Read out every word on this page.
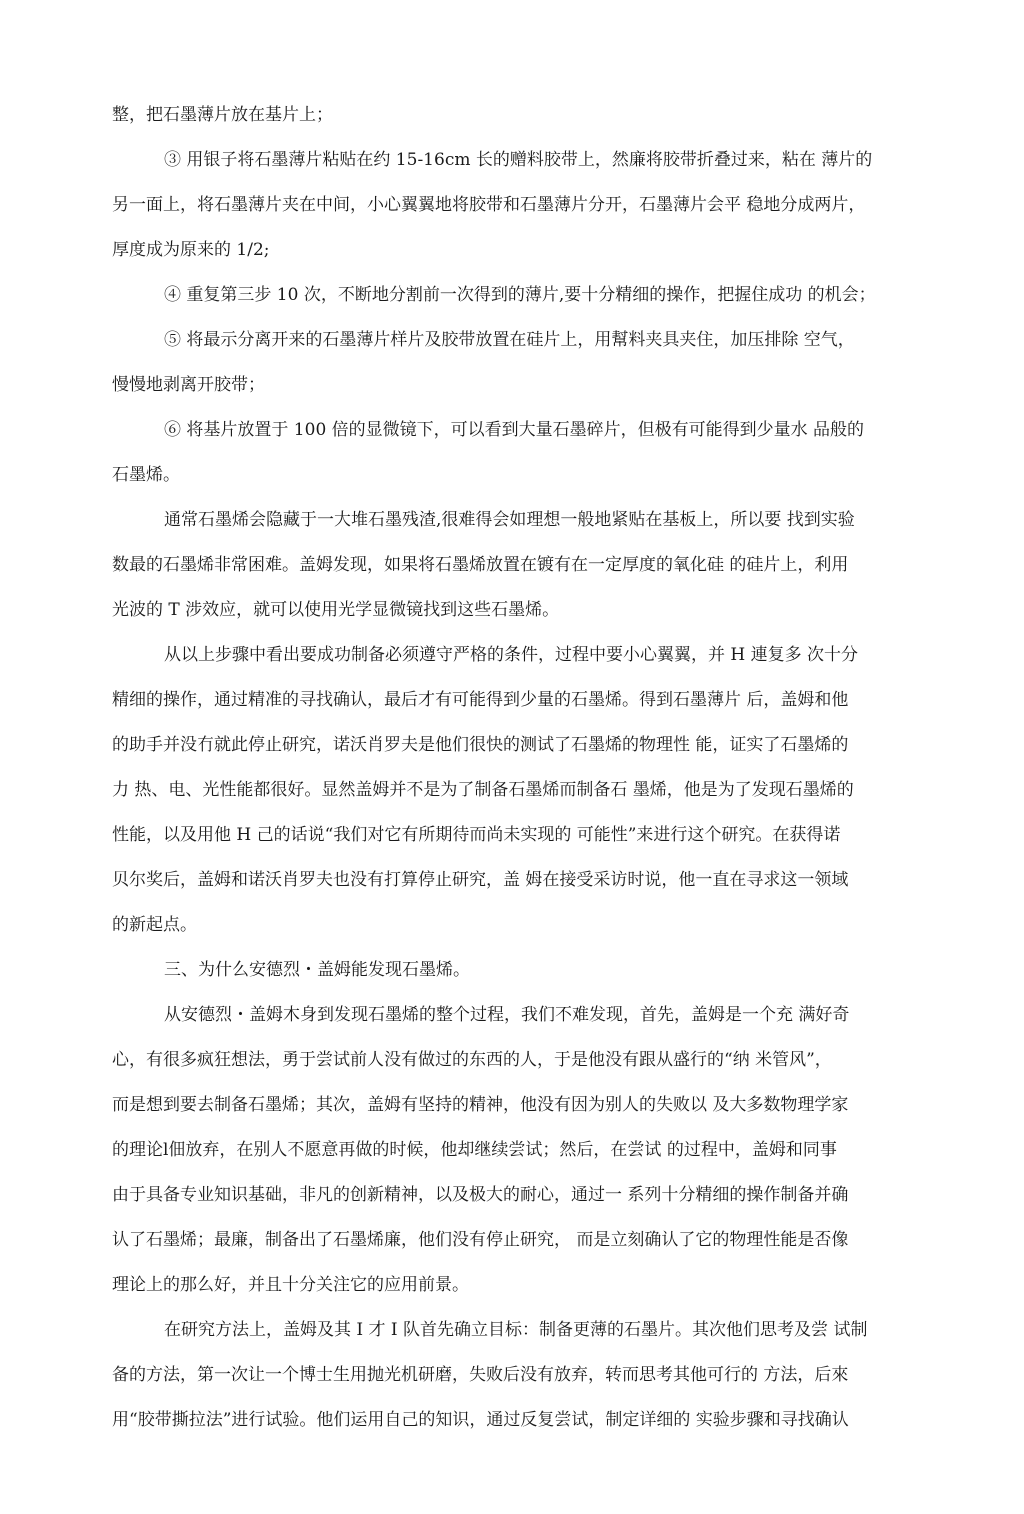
整，把石墨薄片放在基片上；

③ 用银子将石墨薄片粘贴在约 15-16cm 长的赠料胶带上，然廉将胶带折叠过来，粘在 薄片的

另一面上，将石墨薄片夹在中间，小心翼翼地将胶带和石墨薄片分开，石墨薄片会平 稳地分成两片，

厚度成为原来的 1/2;

④ 重复第三步 10 次，不断地分割前一次得到的薄片,要十分精细的操作，把握住成功 的机会；

⑤ 将最示分离开来的石墨薄片样片及胶带放置在硅片上，用幫料夹具夹住，加压排除 空气，

慢慢地剥离开胶带；

⑥ 将基片放置于 100 倍的显微镜下，可以看到大量石墨碎片，但极有可能得到少量水 品般的

石墨烯。

通常石墨烯会隐藏于一大堆石墨残渣,很难得会如理想一般地紧贴在基板上，所以要 找到实验

数最的石墨烯非常困难。盖姆发现，如果将石墨烯放置在镀有在一定厚度的氧化硅 的硅片上，利用

光波的 T 涉效应，就可以使用光学显微镜找到这些石墨烯。

从以上步骤中看出要成功制备必须遵守严格的条件，过程中要小心翼翼，并 H 連复多 次十分

精细的操作，通过精准的寻找确认，最后才有可能得到少量的石墨烯。得到石墨薄片 后，盖姆和他

的助手并没冇就此停止研究，诺沃肖罗夫是他们很快的测试了石墨烯的物理性 能，证实了石墨烯的

力 热、电、光性能都很好。显然盖姆并不是为了制备石墨烯而制备石 墨烯，他是为了发现石墨烯的

性能，以及用他 H 己的话说“我们对它有所期待而尚未实现的 可能性”来进行这个研究。在获得诺

贝尔奖后，盖姆和诺沃肖罗夫也没有打算停止研究，盖 姆在接受采访时说，他一直在寻求这一领域

的新起点。

三、为什么安德烈・盖姆能发现石墨烯。

从安德烈・盖姆木身到发现石墨烯的整个过程，我们不难发现，首先，盖姆是一个充 满好奇

心，有很多疯狂想法，勇于尝试前人没有做过的东西的人，于是他没有跟从盛行的“纳 米管风”，

而是想到要去制备石墨烯；其次，盖姆有坚持的精神，他没有因为别人的失败以 及大多数物理学家

的理论l佃放弃，在别人不愿意再做的时候，他却继续尝试；然后，在尝试 的过程中，盖姆和同事

由于具备专业知识基础，非凡的创新精神，以及极大的耐心，通过一 系列十分精细的操作制备并确

认了石墨烯；最廉，制备出了石墨烯廉，他们没有停止研究， 而是立刻确认了它的物理性能是否像

理论上的那么好，并且十分关注它的应用前景。

在研究方法上，盖姆及其 I 才 I 队首先确立目标：制备更薄的石墨片。其次他们思考及尝 试制

备的方法，第一次让一个博士生用抛光机研磨，失败后没有放弃，转而思考其他可行的 方法，后來

用“胶带撕拉法”进行试验。他们运用自己的知识，通过反复尝试，制定详细的 实验步骤和寻找确认
